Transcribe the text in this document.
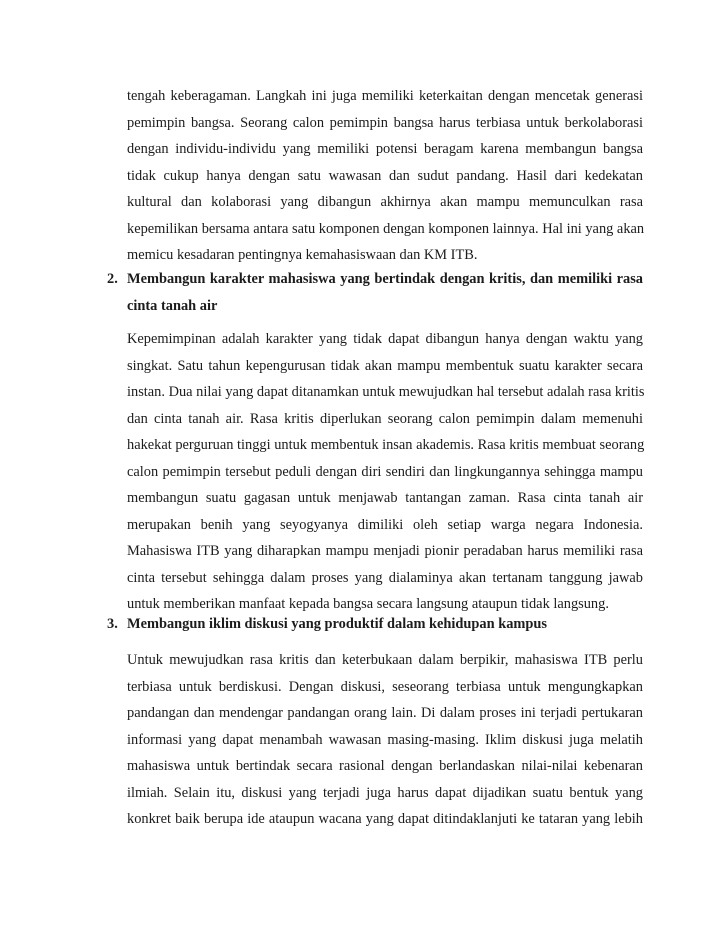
tengah keberagaman. Langkah ini juga memiliki keterkaitan dengan mencetak generasi
pemimpin bangsa. Seorang calon pemimpin bangsa harus terbiasa untuk berkolaborasi
dengan individu-individu yang memiliki potensi beragam karena membangun bangsa
tidak cukup hanya dengan satu wawasan dan sudut pandang. Hasil dari kedekatan
kultural dan kolaborasi yang dibangun akhirnya akan mampu memunculkan rasa
kepemilikan bersama antara satu komponen dengan komponen lainnya. Hal ini yang akan
memicu kesadaran pentingnya kemahasiswaan dan KM ITB.

2. Membangun karakter mahasiswa yang bertindak dengan kritis, dan memiliki rasa
cinta tanah air

Kepemimpinan adalah karakter yang tidak dapat dibangun hanya dengan waktu yang
singkat. Satu tahun kepengurusan tidak akan mampu membentuk suatu karakter secara
instan. Dua nilai yang dapat ditanamkan untuk mewujudkan hal tersebut adalah rasa kritis
dan cinta tanah air. Rasa kritis diperlukan seorang calon pemimpin dalam memenuhi
hakekat perguruan tinggi untuk membentuk insan akademis. Rasa kritis membuat seorang
calon pemimpin tersebut peduli dengan diri sendiri dan lingkungannya sehingga mampu
membangun suatu gagasan untuk menjawab tantangan zaman. Rasa cinta tanah air
merupakan benih yang seyogyanya dimiliki oleh setiap warga negara Indonesia.
Mahasiswa ITB yang diharapkan mampu menjadi pionir peradaban harus memiliki rasa
cinta tersebut sehingga dalam proses yang dialaminya akan tertanam tanggung jawab
untuk memberikan manfaat kepada bangsa secara langsung ataupun tidak langsung.

3. Membangun iklim diskusi yang produktif dalam kehidupan kampus

Untuk mewujudkan rasa kritis dan keterbukaan dalam berpikir, mahasiswa ITB perlu
terbiasa untuk berdiskusi. Dengan diskusi, seseorang terbiasa untuk mengungkapkan
pandangan dan mendengar pandangan orang lain. Di dalam proses ini terjadi pertukaran
informasi yang dapat menambah wawasan masing-masing. Iklim diskusi juga melatih
mahasiswa untuk bertindak secara rasional dengan berlandaskan nilai-nilai kebenaran
ilmiah. Selain itu, diskusi yang terjadi juga harus dapat dijadikan suatu bentuk yang
konkret baik berupa ide ataupun wacana yang dapat ditindaklanjuti ke tataran yang lebih
